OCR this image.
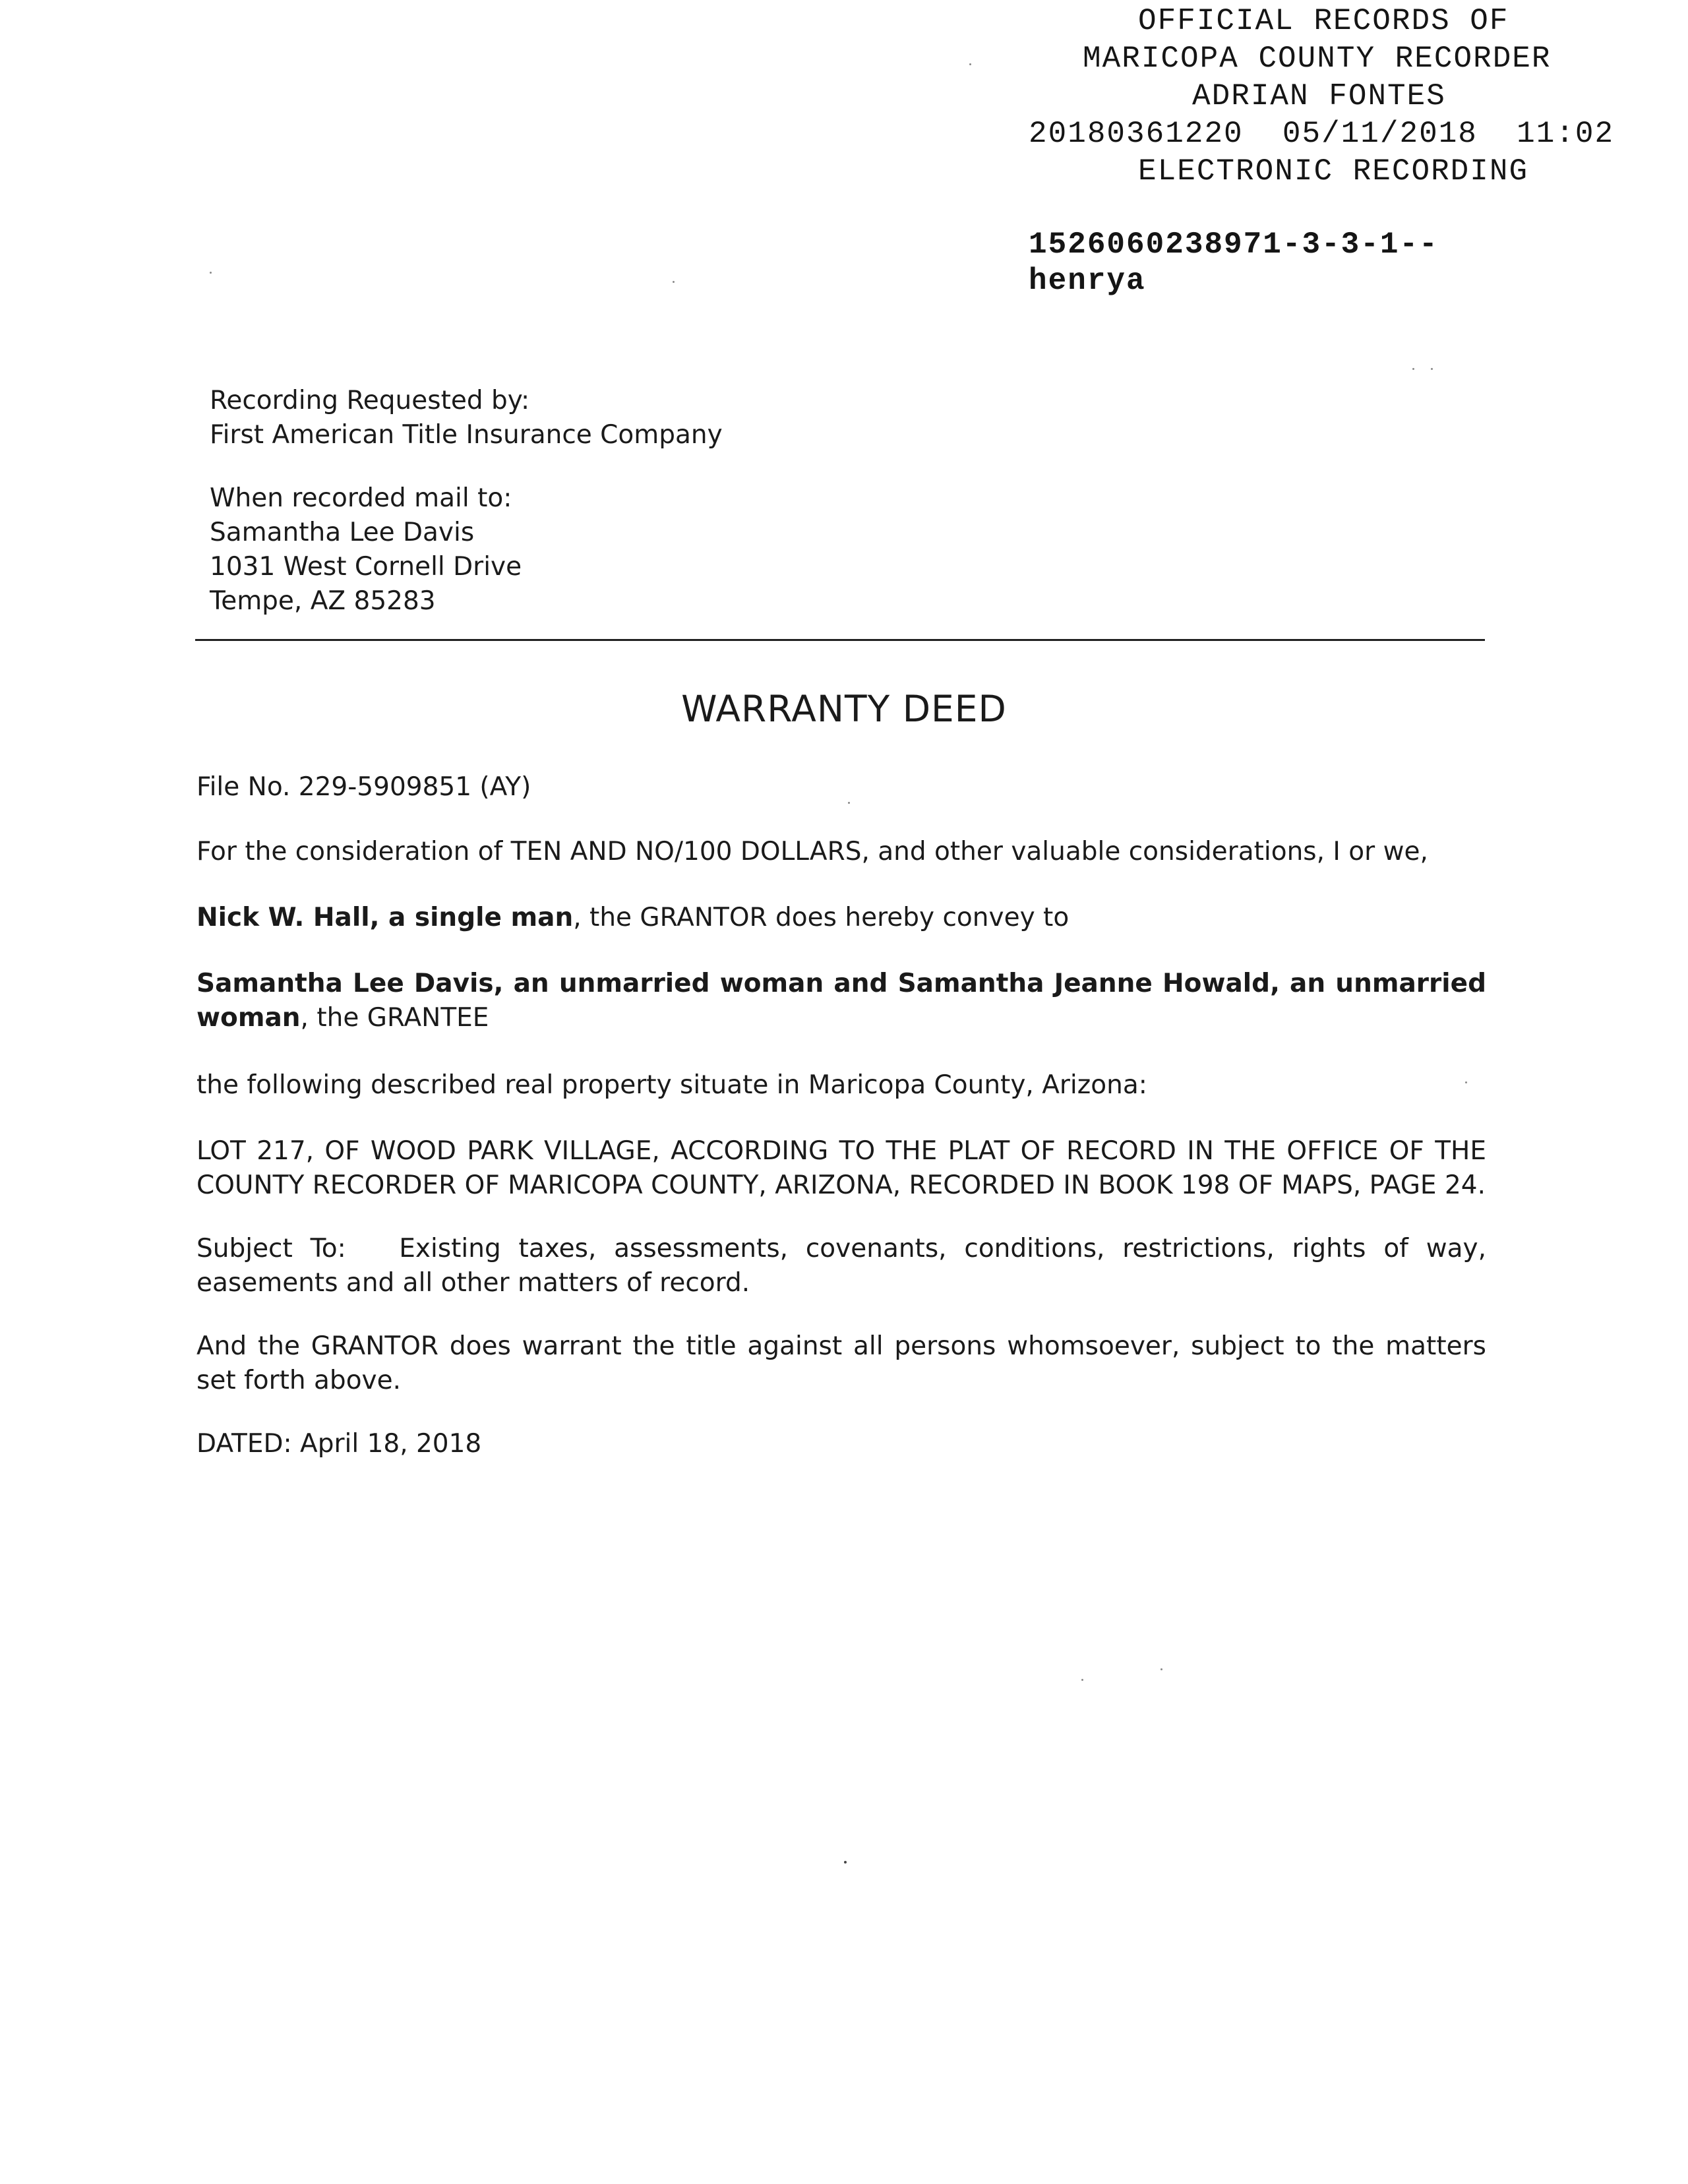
OFFICIAL RECORDS OF
MARICOPA COUNTY RECORDER
ADRIAN FONTES
20180361220  05/11/2018  11:02
ELECTRONIC RECORDING
1526060238971-3-3-1--
henrya
Recording Requested by:
First American Title Insurance Company
When recorded mail to:
Samantha Lee Davis
1031 West Cornell Drive
Tempe, AZ 85283
WARRANTY DEED

File No. 229-5909851 (AY)

For the consideration of TEN AND NO/100 DOLLARS, and other valuable considerations, I or we,

Nick W. Hall, a single man, the GRANTOR does hereby convey to

Samantha Lee Davis, an unmarried woman and Samantha Jeanne Howald, an unmarried woman, the GRANTEE

the following described real property situate in Maricopa County, Arizona:

LOT 217, OF WOOD PARK VILLAGE, ACCORDING TO THE PLAT OF RECORD IN THE OFFICE OF THE COUNTY RECORDER OF MARICOPA COUNTY, ARIZONA, RECORDED IN BOOK 198 OF MAPS, PAGE 24.

Subject To: Existing taxes, assessments, covenants, conditions, restrictions, rights of way, easements and all other matters of record.

And the GRANTOR does warrant the title against all persons whomsoever, subject to the matters set forth above.

DATED: April 18, 2018
